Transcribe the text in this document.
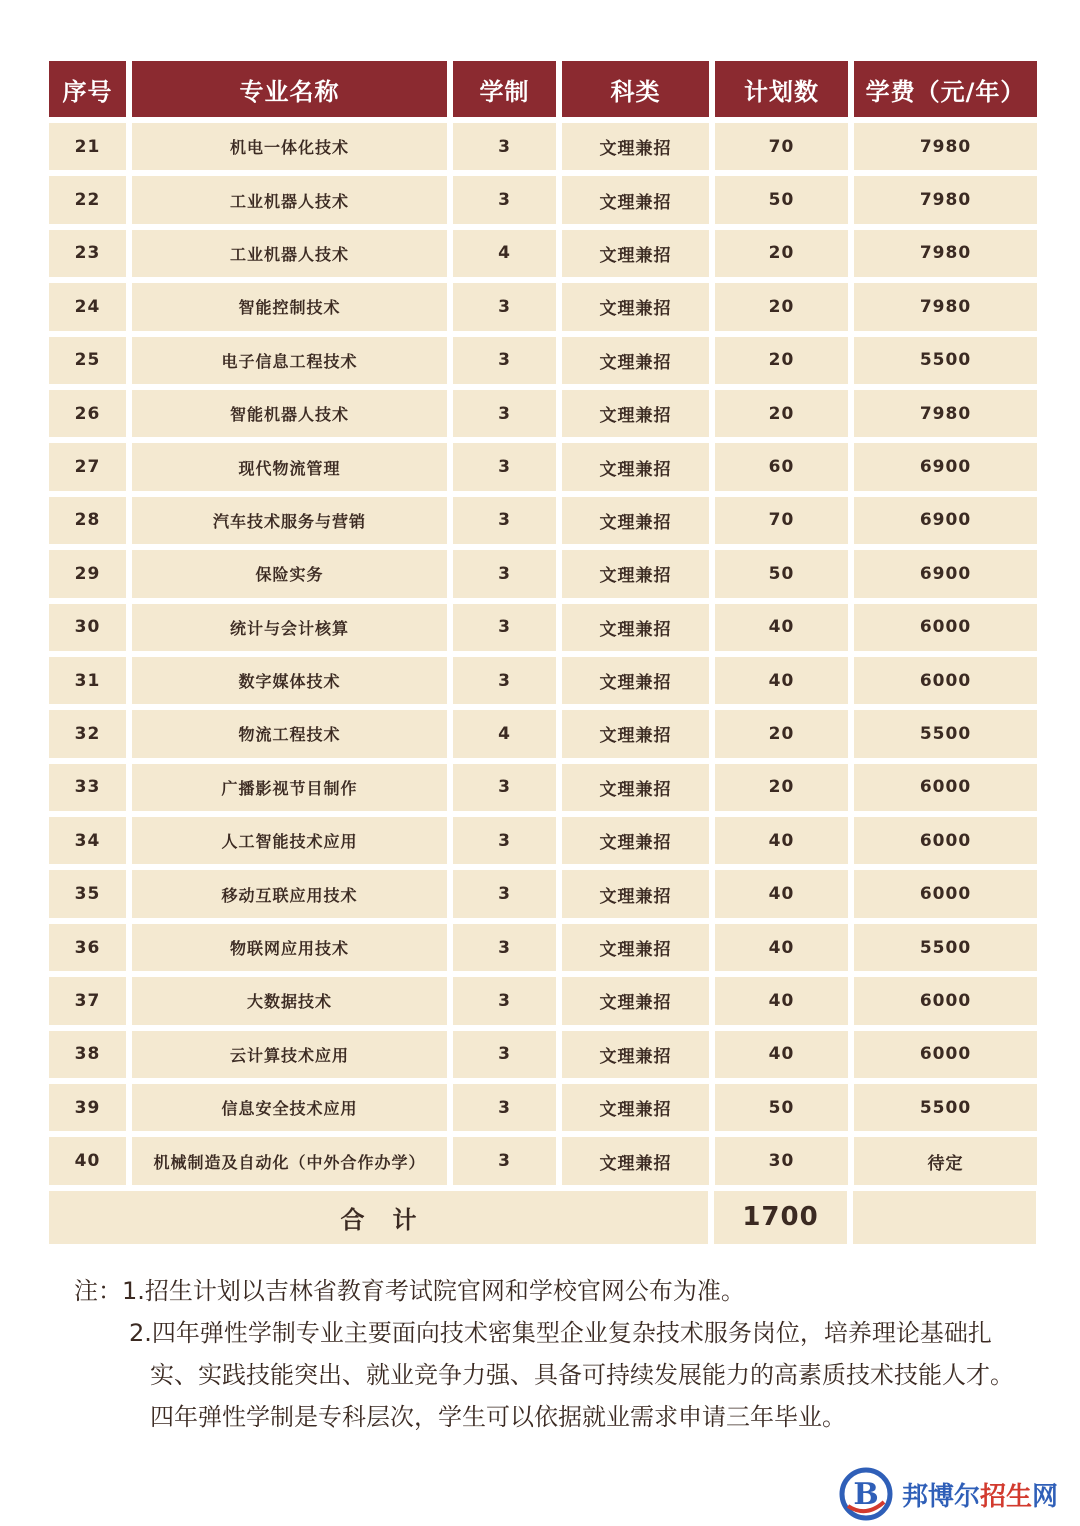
序号	专业名称	学制	科类	计划数	学费（元/年）
21	机电一体化技术	3	文理兼招	70	7980
22	工业机器人技术	3	文理兼招	50	7980
23	工业机器人技术	4	文理兼招	20	7980
24	智能控制技术	3	文理兼招	20	7980
25	电子信息工程技术	3	文理兼招	20	5500
26	智能机器人技术	3	文理兼招	20	7980
27	现代物流管理	3	文理兼招	60	6900
28	汽车技术服务与营销	3	文理兼招	70	6900
29	保险实务	3	文理兼招	50	6900
30	统计与会计核算	3	文理兼招	40	6000
31	数字媒体技术	3	文理兼招	40	6000
32	物流工程技术	4	文理兼招	20	5500
33	广播影视节目制作	3	文理兼招	20	6000
34	人工智能技术应用	3	文理兼招	40	6000
35	移动互联应用技术	3	文理兼招	40	6000
36	物联网应用技术	3	文理兼招	40	5500
37	大数据技术	3	文理兼招	40	6000
38	云计算技术应用	3	文理兼招	40	6000
39	信息安全技术应用	3	文理兼招	50	5500
40	机械制造及自动化（中外合作办学）	3	文理兼招	30	待定
合计	1700
注： 1.招生计划以吉林省教育考试院官网和学校官网公布为准。
2.四年弹性学制专业主要面向技术密集型企业复杂技术服务岗位，培养理论基础扎实、实践技能突出、就业竞争力强、具备可持续发展能力的高素质技术技能人才。四年弹性学制是专科层次，学生可以依据就业需求申请三年毕业。
B 邦博尔招生网
